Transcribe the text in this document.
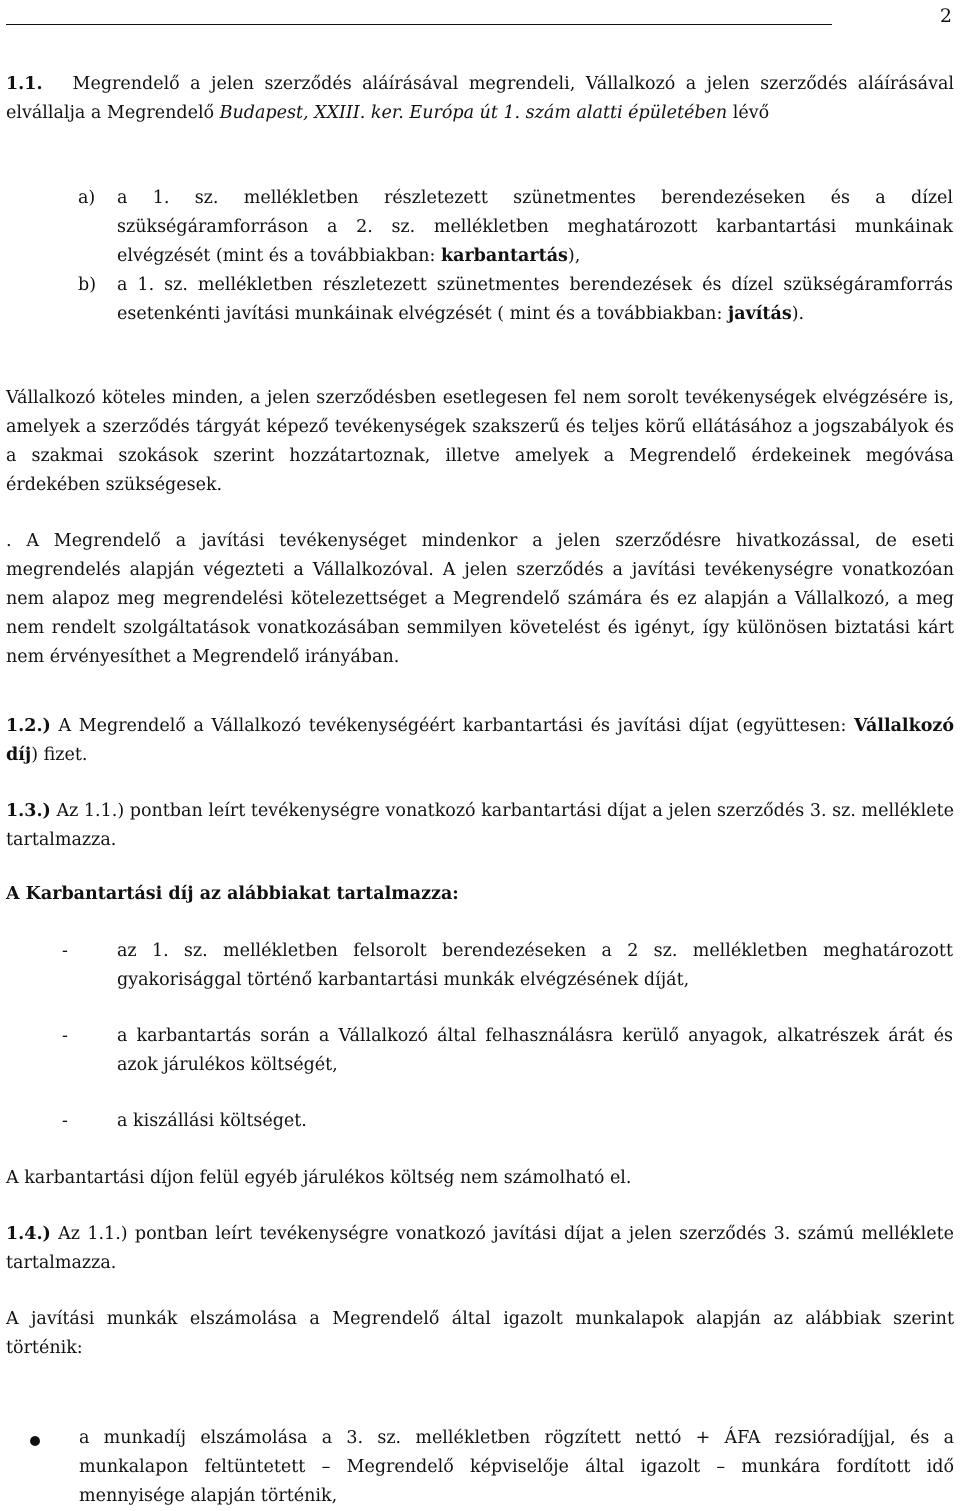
2
1.1. Megrendelő a jelen szerződés aláírásával megrendeli, Vállalkozó a jelen szerződés aláírásával elvállalja a Megrendelő Budapest, XXIII. ker. Európa út 1. szám alatti épületében lévő
a) a 1. sz. mellékletben részletezett szünetmentes berendezéseken és a dízel szükségáramforráson a 2. sz. mellékletben meghatározott karbantartási munkáinak elvégzését (mint és a továbbiakban: karbantartás),
b) a 1. sz. mellékletben részletezett szünetmentes berendezések és dízel szükségáramforrás esetenkénti javítási munkáinak elvégzését ( mint és a továbbiakban: javítás).
Vállalkozó köteles minden, a jelen szerződésben esetlegesen fel nem sorolt tevékenységek elvégzésére is, amelyek a szerződés tárgyát képező tevékenységek szakszerű és teljes körű ellátásához a jogszabályok és a szakmai szokások szerint hozzátartoznak, illetve amelyek a Megrendelő érdekeinek megóvása érdekében szükségesek.
. A Megrendelő a javítási tevékenységet mindenkor a jelen szerződésre hivatkozással, de eseti megrendelés alapján végezteti a Vállalkozóval. A jelen szerződés a javítási tevékenységre vonatkozóan nem alapoz meg megrendelési kötelezettséget a Megrendelő számára és ez alapján a Vállalkozó, a meg nem rendelt szolgáltatások vonatkozásában semmilyen követelést és igényt, így különösen biztatási kárt nem érvényesíthet a Megrendelő irányában.
1.2.) A Megrendelő a Vállalkozó tevékenységéért karbantartási és javítási díjat (együttesen: Vállalkozó díj) fizet.
1.3.) Az 1.1.) pontban leírt tevékenységre vonatkozó karbantartási díjat a jelen szerződés 3. sz. melléklete tartalmazza.
A Karbantartási díj az alábbiakat tartalmazza:
-	az 1. sz. mellékletben felsorolt berendezéseken a 2 sz. mellékletben meghatározott gyakorisággal történő karbantartási munkák elvégzésének díját,
-	a karbantartás során a Vállalkozó által felhasználásra kerülő anyagok, alkatrészek árát és azok járulékos költségét,
-	a kiszállási költséget.
A karbantartási díjon felül egyéb járulékos költség nem számolható el.
1.4.) Az 1.1.) pontban leírt tevékenységre vonatkozó javítási díjat a jelen szerződés 3. számú melléklete tartalmazza.
A javítási munkák elszámolása a Megrendelő által igazolt munkalapok alapján az alábbiak szerint történik:
a munkadíj elszámolása a 3. sz. mellékletben rögzített nettó + ÁFA rezsióradíjjal, és a munkalapon feltüntetett – Megrendelő képviselője által igazolt – munkára fordított idő mennyisége alapján történik,
